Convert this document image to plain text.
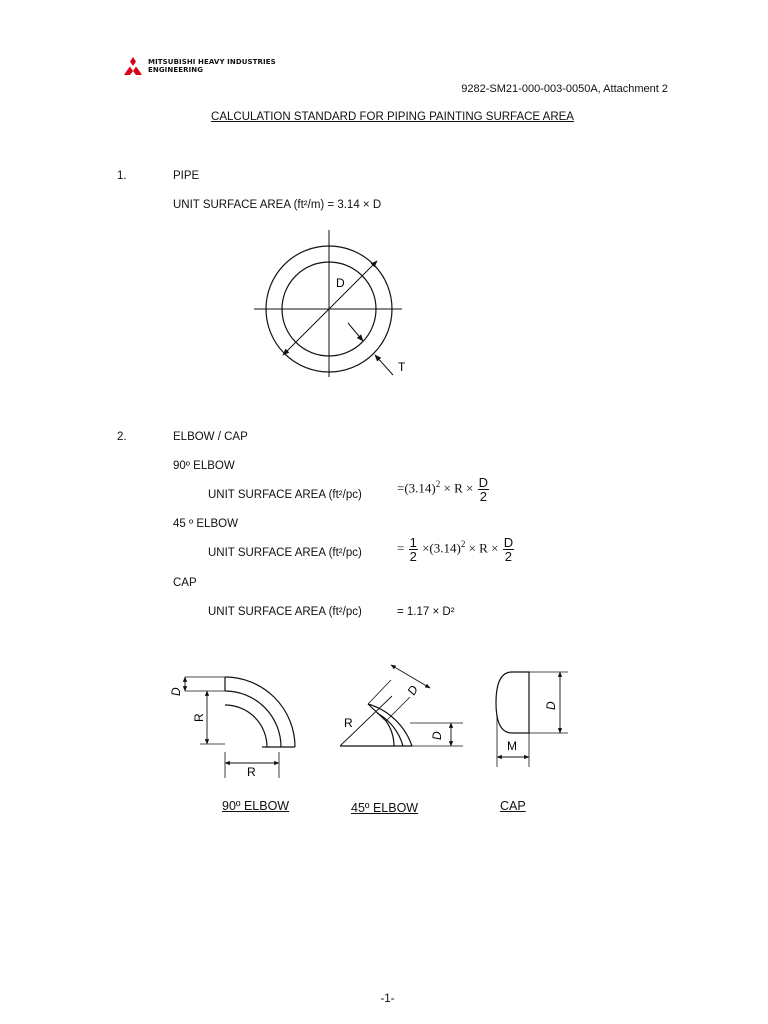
MITSUBISHI HEAVY INDUSTRIES
ENGINEERING
9282-SM21-000-003-0050A, Attachment 2
CALCULATION STANDARD FOR PIPING PAINTING SURFACE AREA
1.	PIPE
UNIT SURFACE AREA (ft²/m) = 3.14 × D
D
T
2.	ELBOW / CAP
90º ELBOW
UNIT SURFACE AREA (ft²/pc)	$=(3.14)^2 \times R \times \frac{D}{2}$
45 º ELBOW
UNIT SURFACE AREA (ft²/pc)	= $\frac{1}{2} \times(3.14)^2 \times R \times \frac{D}{2}$
CAP
UNIT SURFACE AREA (ft²/pc)	= 1.17 × D²
D
R
R
R
D
D
D
M
90º ELBOW	45º ELBOW	CAP
-1-
